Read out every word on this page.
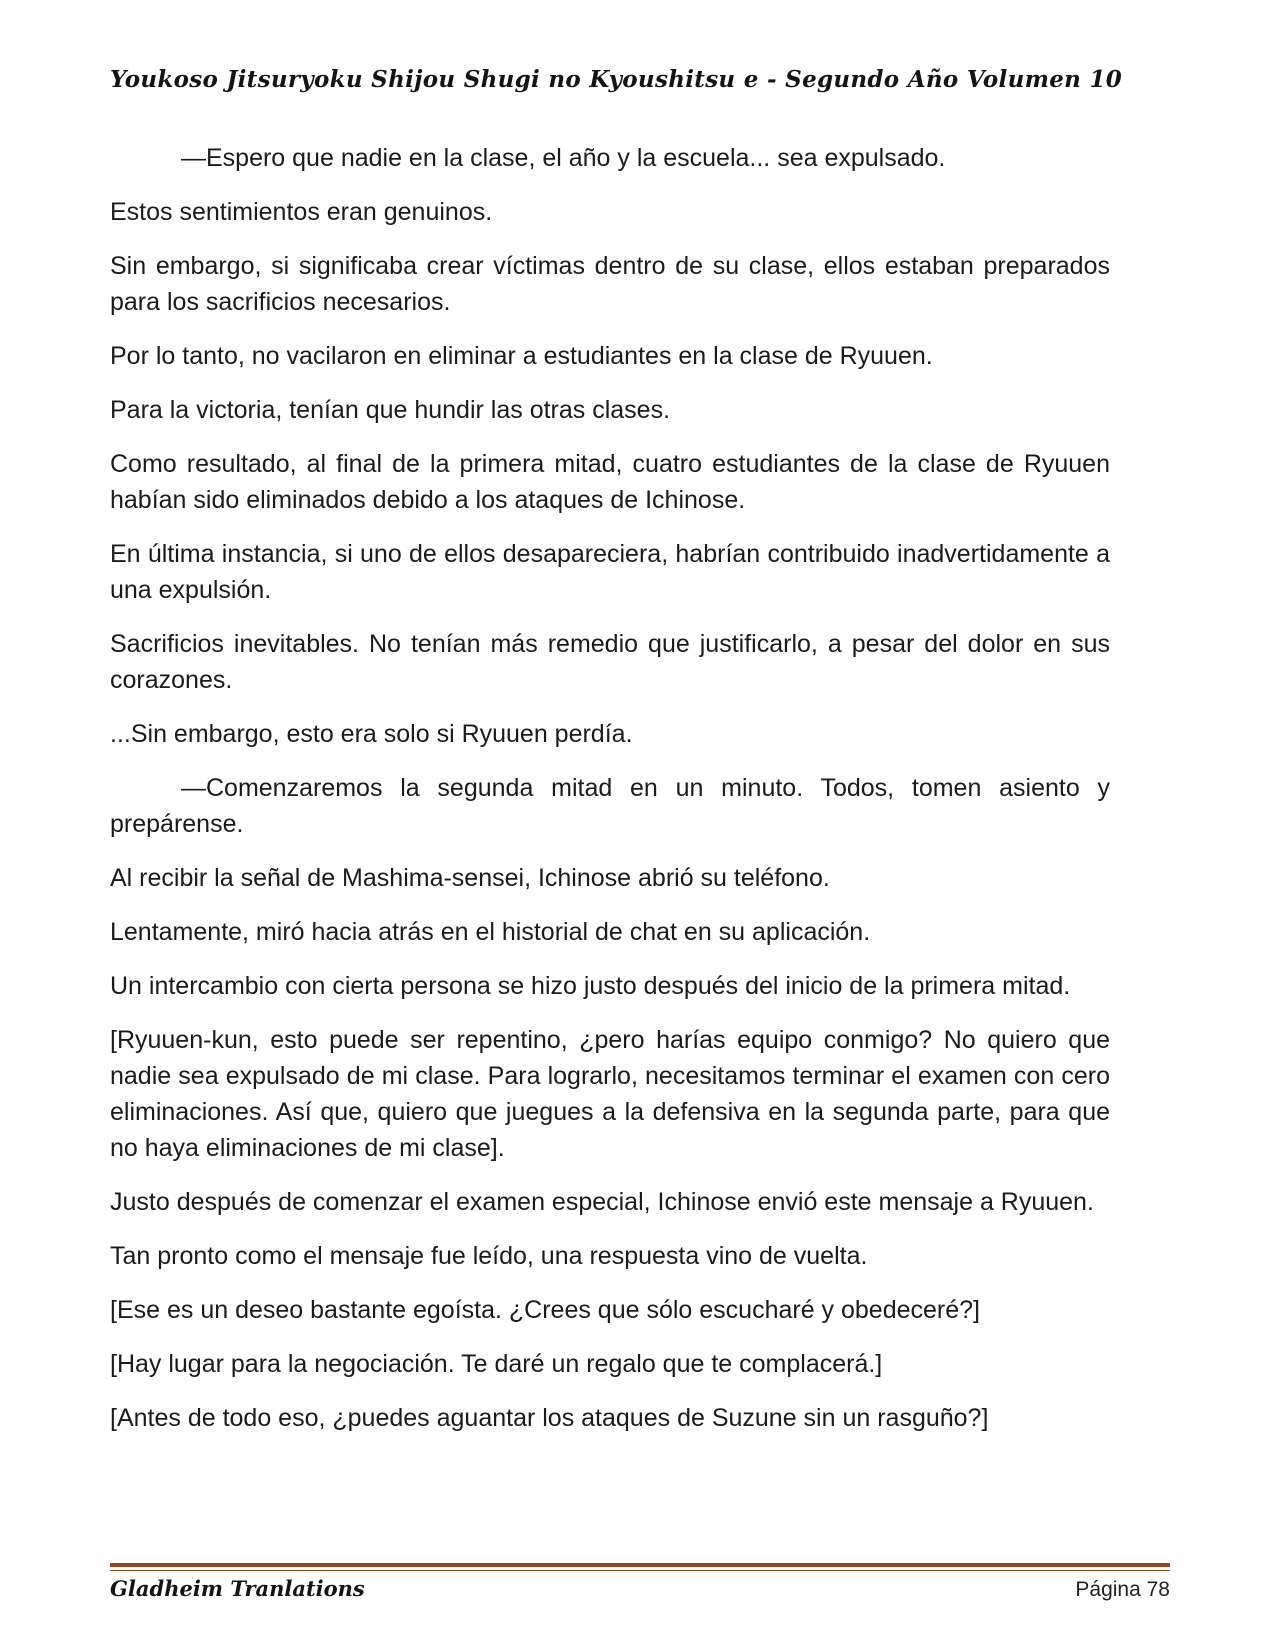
Youkoso Jitsuryoku Shijou Shugi no Kyoushitsu e - Segundo Año Volumen 10

—Espero que nadie en la clase, el año y la escuela... sea expulsado.

Estos sentimientos eran genuinos.

Sin embargo, si significaba crear víctimas dentro de su clase, ellos estaban preparados para los sacrificios necesarios.

Por lo tanto, no vacilaron en eliminar a estudiantes en la clase de Ryuuen.

Para la victoria, tenían que hundir las otras clases.

Como resultado, al final de la primera mitad, cuatro estudiantes de la clase de Ryuuen habían sido eliminados debido a los ataques de Ichinose.

En última instancia, si uno de ellos desapareciera, habrían contribuido inadvertidamente a una expulsión.

Sacrificios inevitables. No tenían más remedio que justificarlo, a pesar del dolor en sus corazones.

...Sin embargo, esto era solo si Ryuuen perdía.

—Comenzaremos la segunda mitad en un minuto. Todos, tomen asiento y prepárense.

Al recibir la señal de Mashima-sensei, Ichinose abrió su teléfono.

Lentamente, miró hacia atrás en el historial de chat en su aplicación.

Un intercambio con cierta persona se hizo justo después del inicio de la primera mitad.

[Ryuuen-kun, esto puede ser repentino, ¿pero harías equipo conmigo? No quiero que nadie sea expulsado de mi clase. Para lograrlo, necesitamos terminar el examen con cero eliminaciones. Así que, quiero que juegues a la defensiva en la segunda parte, para que no haya eliminaciones de mi clase].

Justo después de comenzar el examen especial, Ichinose envió este mensaje a Ryuuen.

Tan pronto como el mensaje fue leído, una respuesta vino de vuelta.

[Ese es un deseo bastante egoísta. ¿Crees que sólo escucharé y obedeceré?]

[Hay lugar para la negociación. Te daré un regalo que te complacerá.]

[Antes de todo eso, ¿puedes aguantar los ataques de Suzune sin un rasguño?]

Gladheim Tranlations	Página 78
